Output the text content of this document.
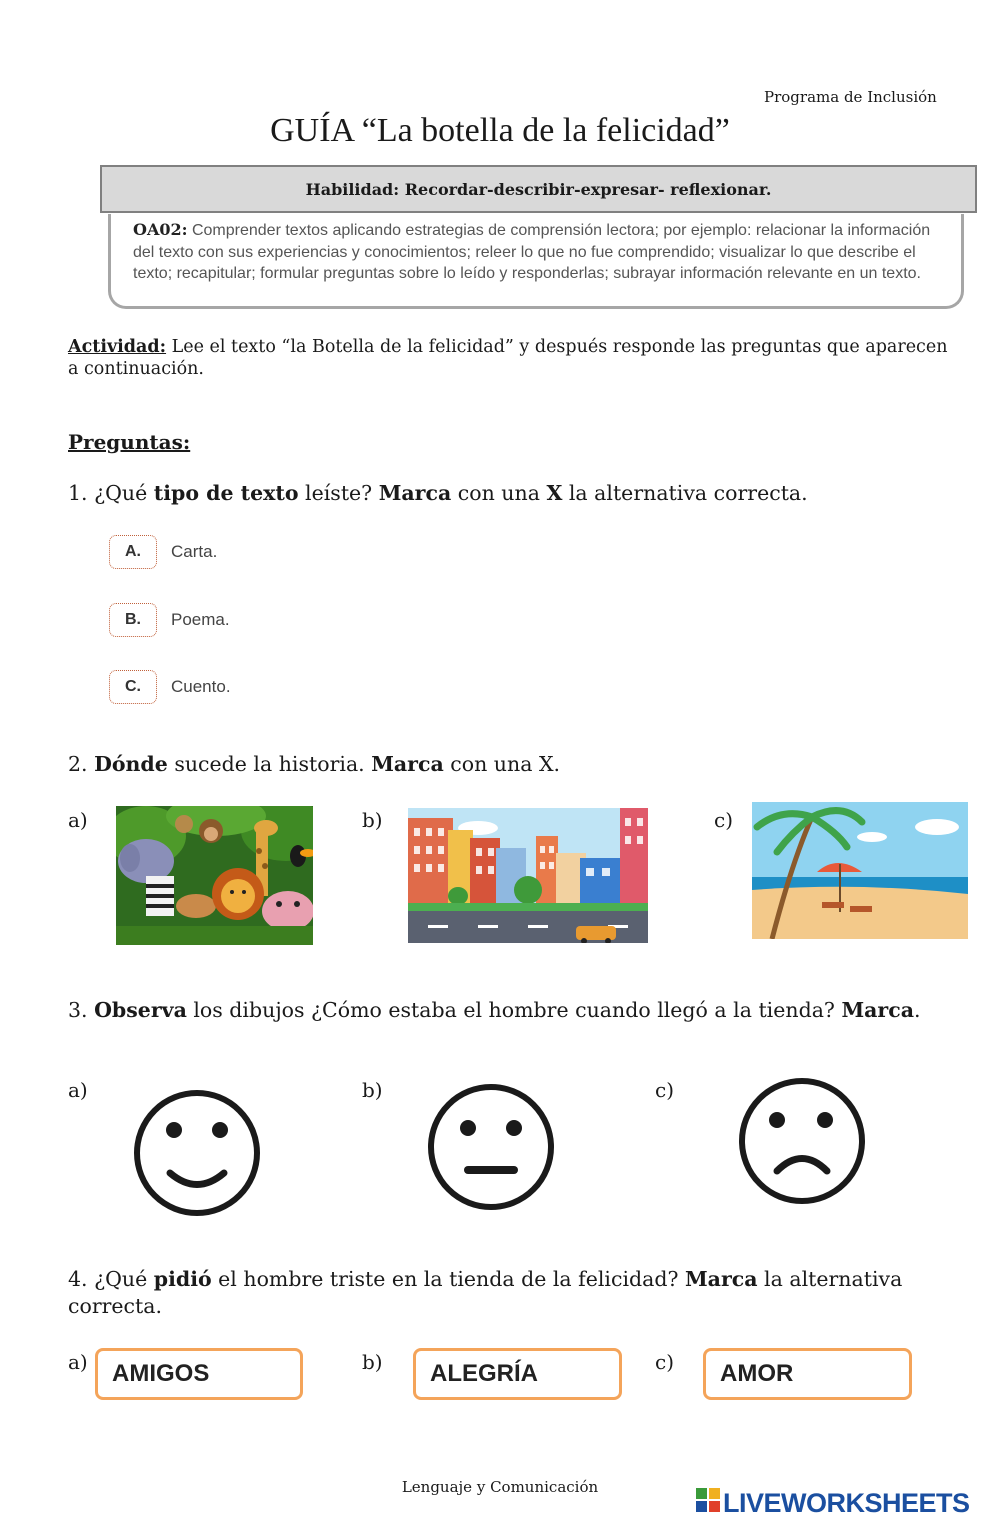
Programa de Inclusión
GUÍA “La botella de la felicidad”
Habilidad: Recordar-describir-expresar- reflexionar.
OA02: Comprender textos aplicando estrategias de comprensión lectora; por ejemplo: relacionar la información del texto con sus experiencias y conocimientos; releer lo que no fue comprendido; visualizar lo que describe el texto; recapitular; formular preguntas sobre lo leído y responderlas; subrayar información relevante en un texto.
Actividad: Lee el texto “la Botella de la felicidad” y después responde las preguntas que aparecen a continuación.
Preguntas:
1. ¿Qué tipo de texto leíste? Marca con una X la alternativa correcta.
A.	Carta.
B.	Poema.
C.	Cuento.
2. Dónde sucede la historia. Marca con una X.
a)	b)	c)
3. Observa los dibujos ¿Cómo estaba el hombre cuando llegó a la tienda? Marca.
a)	b)	c)
4. ¿Qué pidió el hombre triste en la tienda de la felicidad? Marca la alternativa correcta.
a)	b)	c)
AMIGOS	ALEGRÍA	AMOR
Lenguaje y Comunicación
LIVEWORKSHEETS
